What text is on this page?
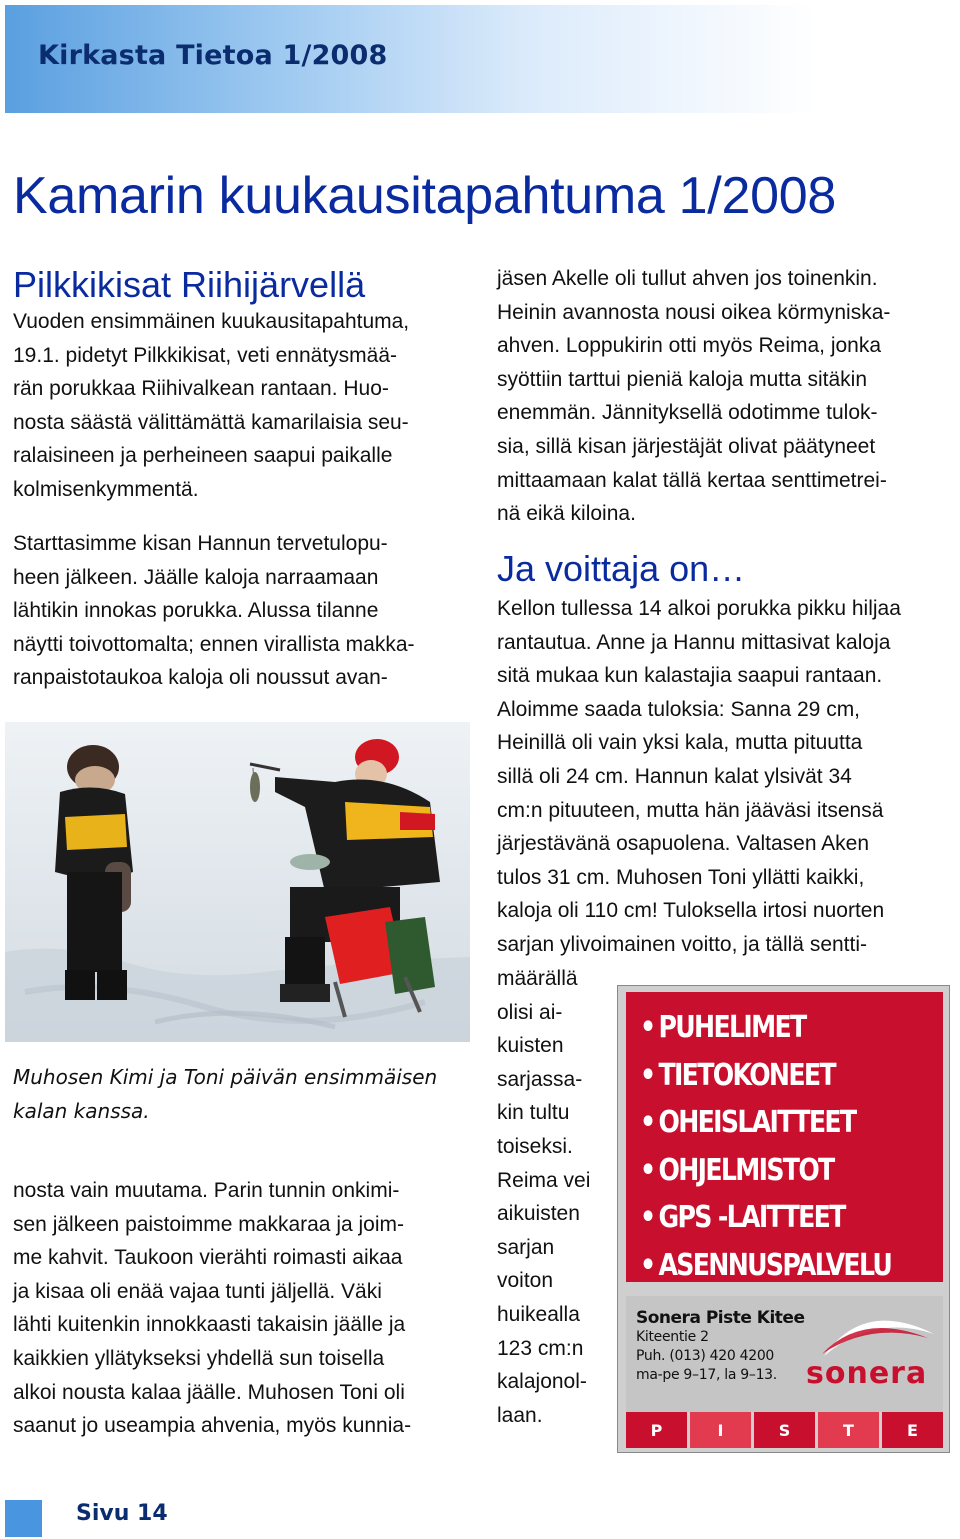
Kirkasta Tietoa 1/2008
Kamarin kuukausitapahtuma 1/2008
Pilkkikisat Riihijärvellä
Vuoden ensimmäinen kuukausitapahtuma,
19.1. pidetyt Pilkkikisat, veti ennätysmää-
rän porukkaa Riihivalkean rantaan. Huo-
nosta säästä välittämättä kamarilaisia seu-
ralaisineen ja perheineen saapui paikalle
kolmisenkymmentä.
Starttasimme kisan Hannun tervetulopu-
heen jälkeen. Jäälle kaloja narraamaan
lähtikin innokas porukka. Alussa tilanne
näytti toivottomalta; ennen virallista makka-
ranpaistotaukoa kaloja oli noussut avan-
Muhosen Kimi ja Toni päivän ensimmäisen
kalan kanssa.
nosta vain muutama. Parin tunnin onkimi-
sen jälkeen paistoimme makkaraa ja joim-
me kahvit. Taukoon vierähti roimasti aikaa
ja kisaa oli enää vajaa tunti jäljellä. Väki
lähti kuitenkin innokkaasti takaisin jäälle ja
kaikkien yllätykseksi yhdellä sun toisella
alkoi nousta kalaa jäälle. Muhosen Toni oli
saanut jo useampia ahvenia, myös kunnia-
jäsen Akelle oli tullut ahven jos toinenkin.
Heinin avannosta nousi oikea körmyniska-
ahven. Loppukirin otti myös Reima, jonka
syöttiin tarttui pieniä kaloja mutta sitäkin
enemmän. Jännityksellä odotimme tulok-
sia, sillä kisan järjestäjät olivat päätyneet
mittaamaan kalat tällä kertaa senttimetrei-
nä eikä kiloina.
Ja voittaja on…
Kellon tullessa 14 alkoi porukka pikku hiljaa
rantautua. Anne ja Hannu mittasivat kaloja
sitä mukaa kun kalastajia saapui rantaan.
Aloimme saada tuloksia: Sanna 29 cm,
Heinillä oli vain yksi kala, mutta pituutta
sillä oli 24 cm. Hannun kalat ylsivät 34
cm:n pituuteen, mutta hän jääväsi itsensä
järjestävänä osapuolena. Valtasen Aken
tulos 31 cm. Muhosen Toni yllätti kaikki,
kaloja oli 110 cm! Tuloksella irtosi nuorten
sarjan ylivoimainen voitto, ja tällä sentti-
määrällä
olisi ai-
kuisten
sarjassa-
kin tultu
toiseksi.
Reima vei
aikuisten
sarjan
voiton
huikealla
123 cm:n
kalajonol-
laan.
•PUHELIMET
•TIETOKONEET
•OHEISLAITTEET
•OHJELMISTOT
•GPS -LAITTEET
•ASENNUSPALVELU
Sonera Piste Kitee
Kiteentie 2
Puh. (013) 420 4200
ma-pe 9–17, la 9–13. sonera
P	I	S	T	E
Sivu 14
